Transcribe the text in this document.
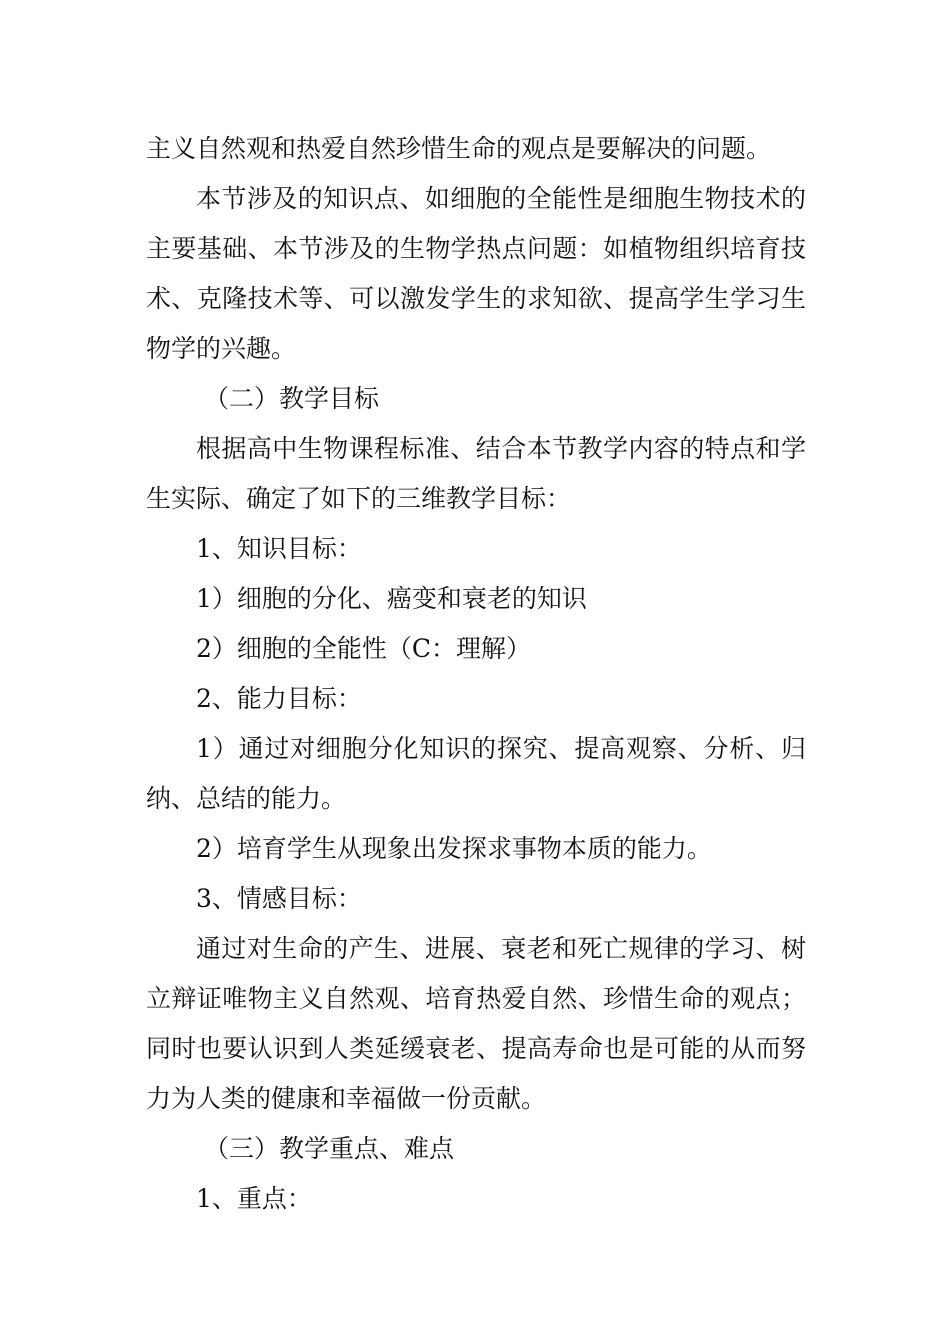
主义自然观和热爱自然珍惜生命的观点是要解决的问题。

本节涉及的知识点、如细胞的全能性是细胞生物技术的主要基础、本节涉及的生物学热点问题：如植物组织培育技术、克隆技术等、可以激发学生的求知欲、提高学生学习生物学的兴趣。

（二）教学目标

根据高中生物课程标准、结合本节教学内容的特点和学生实际、确定了如下的三维教学目标：

1、知识目标：

1）细胞的分化、癌变和衰老的知识

2）细胞的全能性（C：理解）

2、能力目标：

1）通过对细胞分化知识的探究、提高观察、分析、归纳、总结的能力。

2）培育学生从现象出发探求事物本质的能力。

3、情感目标：

通过对生命的产生、进展、衰老和死亡规律的学习、树立辩证唯物主义自然观、培育热爱自然、珍惜生命的观点；同时也要认识到人类延缓衰老、提高寿命也是可能的从而努力为人类的健康和幸福做一份贡献。

（三）教学重点、难点

1、重点：
